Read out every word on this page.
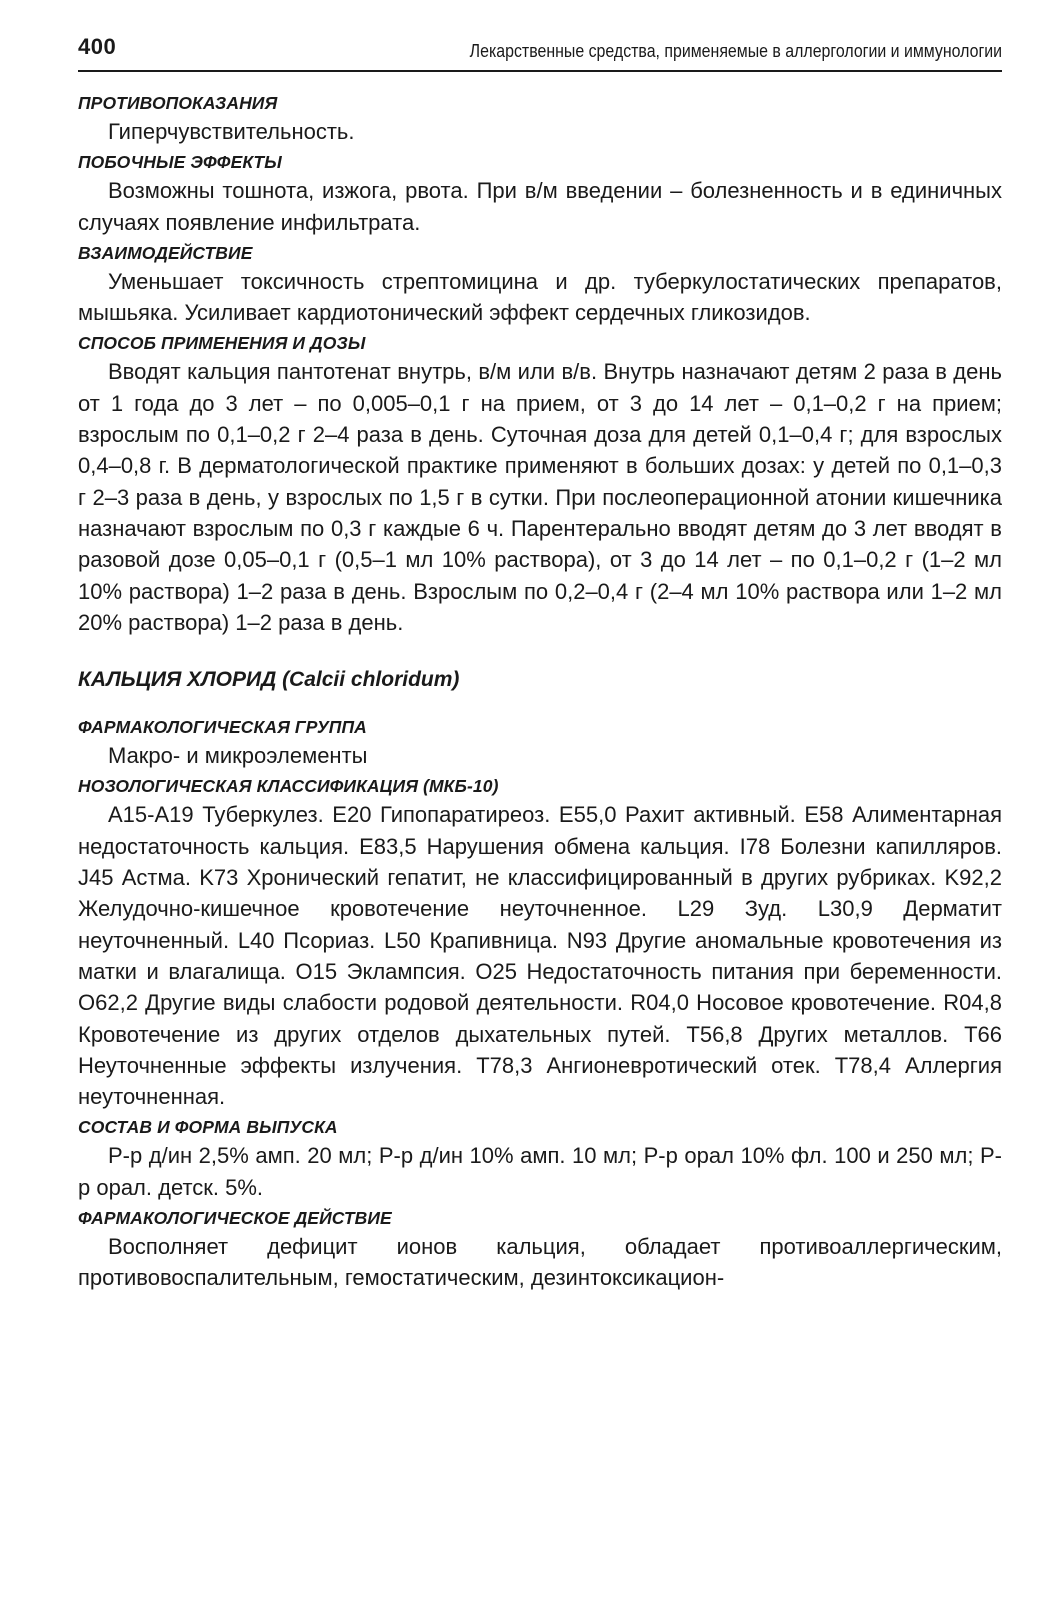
400	Лекарственные средства, применяемые в аллергологии и иммунологии

ПРОТИВОПОКАЗАНИЯ

Гиперчувствительность.

ПОБОЧНЫЕ ЭФФЕКТЫ

Возможны тошнота, изжога, рвота. При в/м введении – болезненность и в единичных случаях появление инфильтрата.

ВЗАИМОДЕЙСТВИЕ

Уменьшает токсичность стрептомицина и др. туберкулостатических препаратов, мышьяка. Усиливает кардиотонический эффект сердечных гликозидов.

СПОСОБ ПРИМЕНЕНИЯ И ДОЗЫ

Вводят кальция пантотенат внутрь, в/м или в/в. Внутрь назначают детям 2 раза в день от 1 года до 3 лет – по 0,005–0,1 г на прием, от 3 до 14 лет – 0,1–0,2 г на прием; взрослым по 0,1–0,2 г 2–4 раза в день. Суточная доза для детей 0,1–0,4 г; для взрослых 0,4–0,8 г. В дерматологической практике применяют в больших дозах: у детей по 0,1–0,3 г 2–3 раза в день, у взрослых по 1,5 г в сутки. При послеоперационной атонии кишечника назначают взрослым по 0,3 г каждые 6 ч. Парентерально вводят детям до 3 лет вводят в разовой дозе 0,05–0,1 г (0,5–1 мл 10% раствора), от 3 до 14 лет – по 0,1–0,2 г (1–2 мл 10% раствора) 1–2 раза в день. Взрослым по 0,2–0,4 г (2–4 мл 10% раствора или 1–2 мл 20% раствора) 1–2 раза в день.

КАЛЬЦИЯ ХЛОРИД (Calcii chloridum)

ФАРМАКОЛОГИЧЕСКАЯ ГРУППА

Макро- и микроэлементы

НОЗОЛОГИЧЕСКАЯ КЛАССИФИКАЦИЯ (МКБ-10)

A15-A19 Туберкулез. E20 Гипопаратиреоз. E55,0 Рахит активный. E58 Алиментарная недостаточность кальция. E83,5 Нарушения обмена кальция. I78 Болезни капилляров. J45 Астма. K73 Хронический гепатит, не классифицированный в других рубриках. K92,2 Желудочно-кишечное кровотечение неуточненное. L29 Зуд. L30,9 Дерматит неуточненный. L40 Псориаз. L50 Крапивница. N93 Другие аномальные кровотечения из матки и влагалища. O15 Эклампсия. O25 Недостаточность питания при беременности. O62,2 Другие виды слабости родовой деятельности. R04,0 Носовое кровотечение. R04,8 Кровотечение из других отделов дыхательных путей. T56,8 Других металлов. T66 Неуточненные эффекты излучения. T78,3 Ангионевротический отек. T78,4 Аллергия неуточненная.

СОСТАВ И ФОРМА ВЫПУСКА

Р-р д/ин 2,5% амп. 20 мл; Р-р д/ин 10% амп. 10 мл; Р-р орал 10% фл. 100 и 250 мл; Р-р орал. детск. 5%.

ФАРМАКОЛОГИЧЕСКОЕ ДЕЙСТВИЕ

Восполняет дефицит ионов кальция, обладает противоаллергическим, противовоспалительным, гемостатическим, дезинтоксикацион-
